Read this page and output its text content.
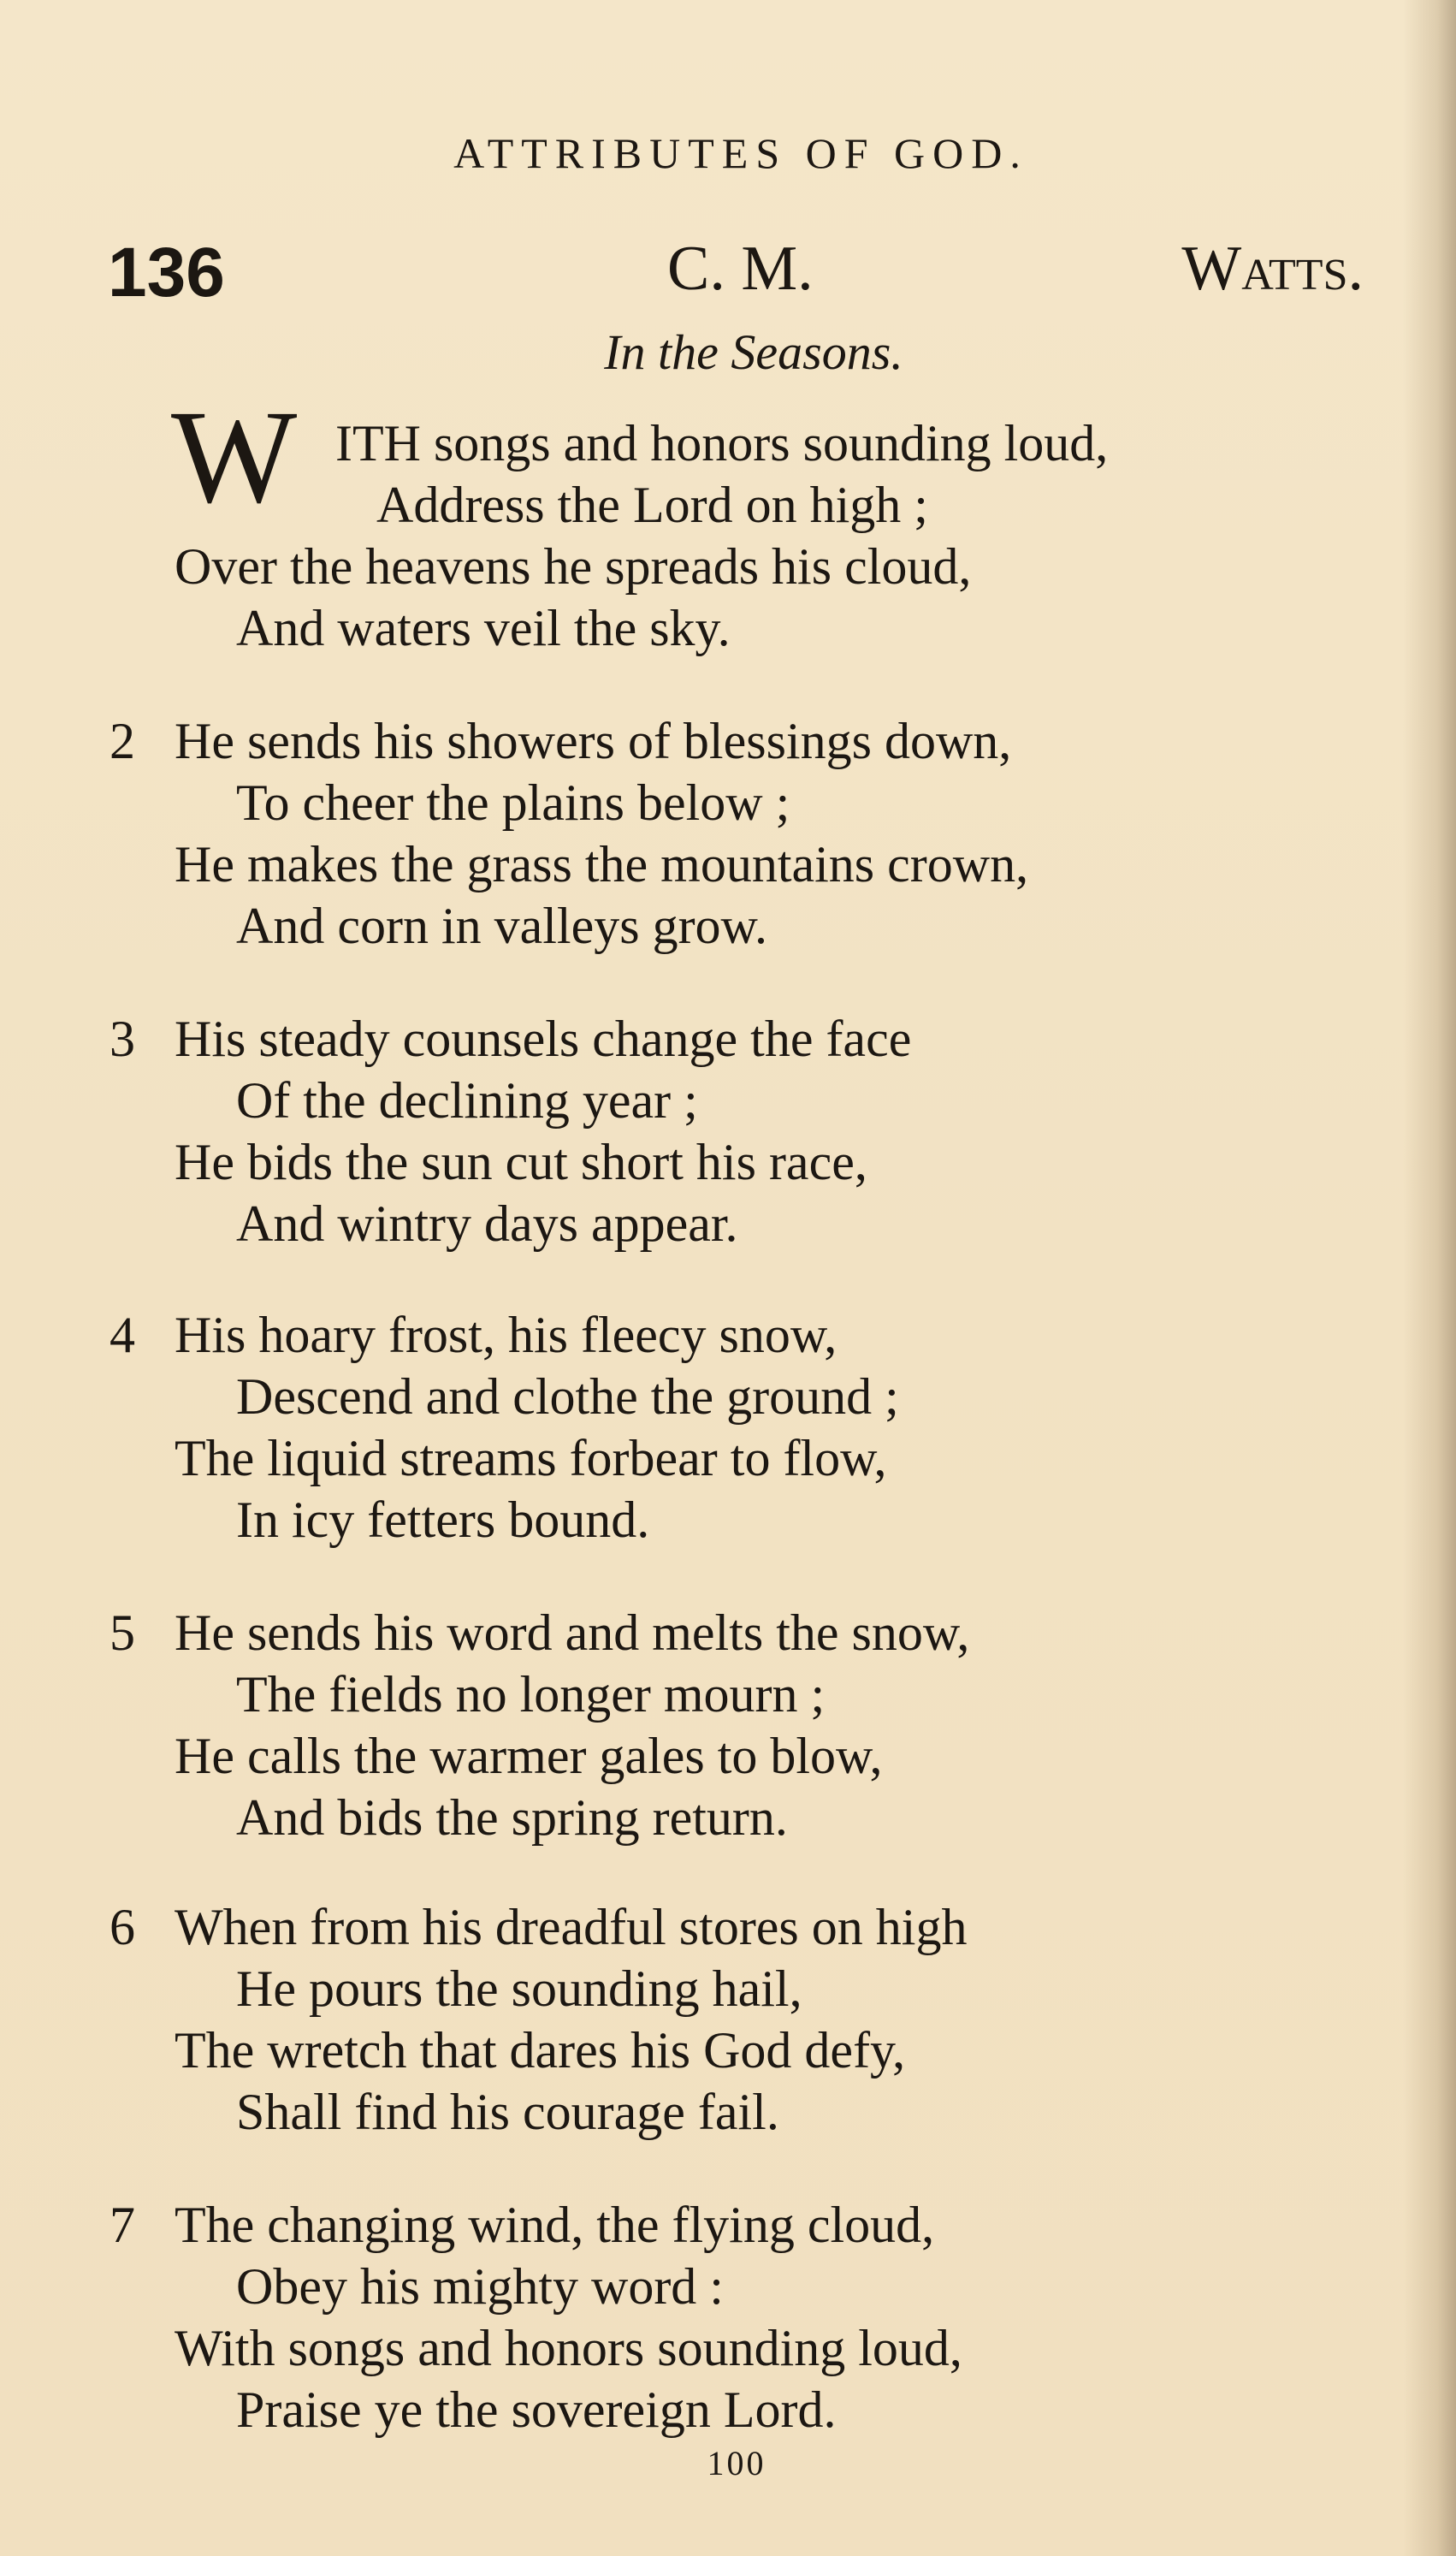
ATTRIBUTES OF GOD.
136	C. M.	Watts.
In the Seasons.
W ITH songs and honors sounding loud,
Address the Lord on high ;
Over the heavens he spreads his cloud,
And waters veil the sky.
2 He sends his showers of blessings down,
To cheer the plains below ;
He makes the grass the mountains crown,
And corn in valleys grow.
3 His steady counsels change the face
Of the declining year ;
He bids the sun cut short his race,
And wintry days appear.
4 His hoary frost, his fleecy snow,
Descend and clothe the ground ;
The liquid streams forbear to flow,
In icy fetters bound.
5 He sends his word and melts the snow,
The fields no longer mourn ;
He calls the warmer gales to blow,
And bids the spring return.
6 When from his dreadful stores on high
He pours the sounding hail,
The wretch that dares his God defy,
Shall find his courage fail.
7 The changing wind, the flying cloud,
Obey his mighty word :
With songs and honors sounding loud,
Praise ye the sovereign Lord.
100
